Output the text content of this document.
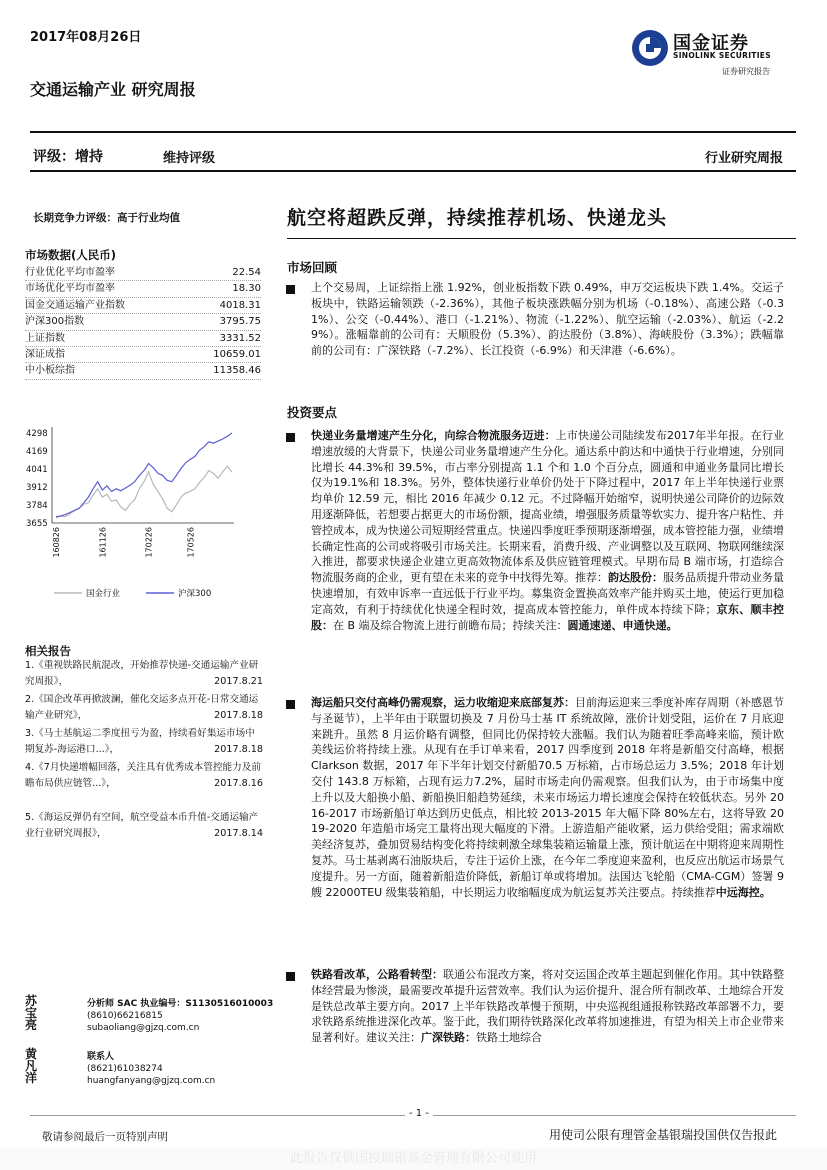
2017年08月26日
交通运输产业 研究周报
国金证券
SINOLINK SECURITIES
证券研究报告
评级：增持	维持评级	行业研究周报
长期竞争力评级：高于行业均值
市场数据(人民币)
行业优化平均市盈率	22.54
市场优化平均市盈率	18.30
国金交通运输产业指数	4018.31
沪深300指数	3795.75
上证指数	3331.52
深证成指	10659.01
中小板综指	11358.46
4298
4169
4041
3912
3784
3655
160826	161126	170226	170526
国金行业	沪深300
相关报告
1.《重视铁路民航混改，开始推荐快递-交通运输产业研究周报》，	2017.8.21
2.《国企改革再掀波澜，催化交运多点开花-日常交通运输产业研究》，	2017.8.18
3.《马士基航运二季度扭亏为盈，持续看好集运市场中期复苏-海运港口...》，	2017.8.18
4.《7月快递增幅回落，关注具有优秀成本管控能力及前瞻布局供应链管...》，	2017.8.16
5.《海运反弹仍有空间，航空受益本币升值-交通运输产业行业研究周报》，	2017.8.14
苏宝亮
分析师 SAC 执业编号：S1130516010003
(8610)66216815
subaoliang@gjzq.com.cn
黄凡洋
联系人
(8621)61038274
huangfanyang@gjzq.com.cn
航空将超跌反弹，持续推荐机场、快递龙头
市场回顾
上个交易周，上证综指上涨 1.92%，创业板指数下跌 0.49%，申万交运板块下跌 1.4%。交运子板块中，铁路运输领跌（-2.36%），其他子板块涨跌幅分别为机场（-0.18%）、高速公路（-0.31%）、公交（-0.44%）、港口（-1.21%）、物流（-1.22%）、航空运输（-2.03%）、航运（-2.29%）。涨幅靠前的公司有：天顺股份（5.3%）、韵达股份（3.8%）、海峡股份（3.3%）；跌幅靠前的公司有：广深铁路（-7.2%）、长江投资（-6.9%）和天津港（-6.6%）。
投资要点
快递业务量增速产生分化，向综合物流服务迈进：上市快递公司陆续发布2017年半年报。在行业增速放缓的大背景下，快递公司业务量增速产生分化。通达系中韵达和中通快于行业增速，分别同比增长 44.3%和 39.5%，市占率分别提高 1.1 个和 1.0 个百分点，圆通和申通业务量同比增长仅为19.1%和 18.3%。另外，整体快递行业单价仍处于下降过程中，2017 年上半年快递行业票均单价 12.59 元，相比 2016 年减少 0.12 元。不过降幅开始缩窄，说明快递公司降价的边际效用逐渐降低，若想要占据更大的市场份额，提高业绩，增强服务质量等软实力、提升客户粘性、并管控成本，成为快递公司短期经营重点。快递四季度旺季预期逐渐增强，成本管控能力强，业绩增长确定性高的公司或将吸引市场关注。长期来看，消费升级、产业调整以及互联网、物联网继续深入推进，都要求快递企业建立更高效物流体系及供应链管理模式。早期布局 B 端市场，打造综合物流服务商的企业，更有望在未来的竞争中找得先筹。推荐：韵达股份：服务品质提升带动业务量快速增加，有效申诉率一直远低于行业平均。募集资金置换高效率产能并购买土地，使运行更加稳定高效，有利于持续优化快递全程时效，提高成本管控能力，单件成本持续下降；京东、顺丰控股：在 B 端及综合物流上进行前瞻布局；持续关注：圆通速递、申通快递。
海运船只交付高峰仍需观察，运力收缩迎来底部复苏：目前海运迎来三季度补库存周期（补感恩节与圣诞节），上半年由于联盟切换及 7 月份马士基 IT 系统故障，涨价计划受阻，运价在 7 月底迎来跳升。虽然 8 月运价略有调整，但同比仍保持较大涨幅。我们认为随着旺季高峰来临，预计欧美线运价将持续上涨。从现有在手订单来看，2017 四季度到 2018 年将是新船交付高峰，根据 Clarkson 数据，2017 年下半年计划交付新船70.5 万标箱，占市场总运力 3.5%；2018 年计划交付 143.8 万标箱，占现有运力7.2%，届时市场走向仍需观察。但我们认为，由于市场集中度上升以及大船换小船、新船换旧船趋势延续，未来市场运力增长速度会保持在较低状态。另外 2016-2017 市场新船订单达到历史低点，相比较 2013-2015 年大幅下降 80%左右，这将导致 2019-2020 年造船市场完工量将出现大幅度的下滑。上游造船产能收紧，运力供给受阻；需求端欧美经济复苏，叠加贸易结构变化将持续刺激全球集装箱运输量上涨，预计航运在中期将迎来周期性复苏。马士基剥离石油版块后，专注于运价上涨，在今年二季度迎来盈利，也反应出航运市场景气度提升。另一方面，随着新船造价降低，新船订单或将增加。法国达飞轮船（CMA-CGM）签署 9 艘 22000TEU 级集装箱船，中长期运力收缩幅度成为航运复苏关注要点。持续推荐中远海控。
铁路看改革，公路看转型：联通公布混改方案，将对交运国企改革主题起到催化作用。其中铁路整体经营最为惨淡，最需要改革提升运营效率。我们认为运价提升、混合所有制改革、土地综合开发是铁总改革主要方向。2017 上半年铁路改革慢于预期，中央巡视组通报称铁路改革部署不力，要求铁路系统推进深化改革。鉴于此，我们期待铁路深化改革将加速推进，有望为相关上市企业带来显著利好。建议关注：广深铁路：铁路土地综合
- 1 -
敬请参阅最后一页特别声明	用使司公限有理管金基银瑞投国供仅告报此
此报告仅供国投瑞银基金管理有限公司使用
